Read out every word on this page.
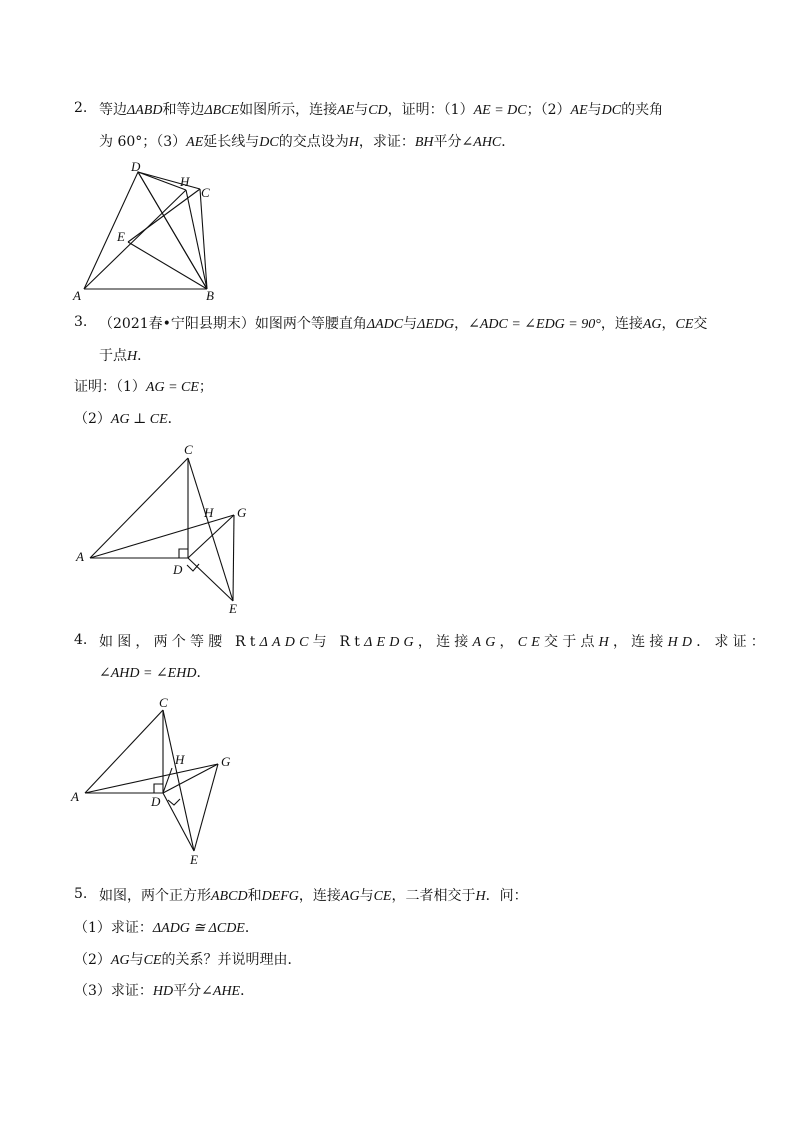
2. 等边ΔABD和等边ΔBCE如图所示，连接AE与CD，证明：（1）AE = DC；（2）AE与DC的夹角
为 60°；（3）AE延长线与DC的交点设为H，求证：BH平分∠AHC．
D
H
C
E
A	B
3. （2021春•宁阳县期末）如图两个等腰直角ΔADC与ΔEDG，∠ADC = ∠EDG = 90°，连接AG，CE交
于点H．
证明：（1）AG = CE；
（2）AG ⊥ CE．
C
H G
A
D
E
4. 如图，两个等腰 RtΔADC与 RtΔEDG，连接AG，CE交于点H，连接HD．求证：
∠AHD = ∠EHD．
C
H	G
A	D
E
5. 如图，两个正方形ABCD和DEFG，连接AG与CE，二者相交于H．问：
（1）求证：ΔADG ≅ ΔCDE．
（2）AG与CE的关系？并说明理由．
（3）求证：HD平分∠AHE．
